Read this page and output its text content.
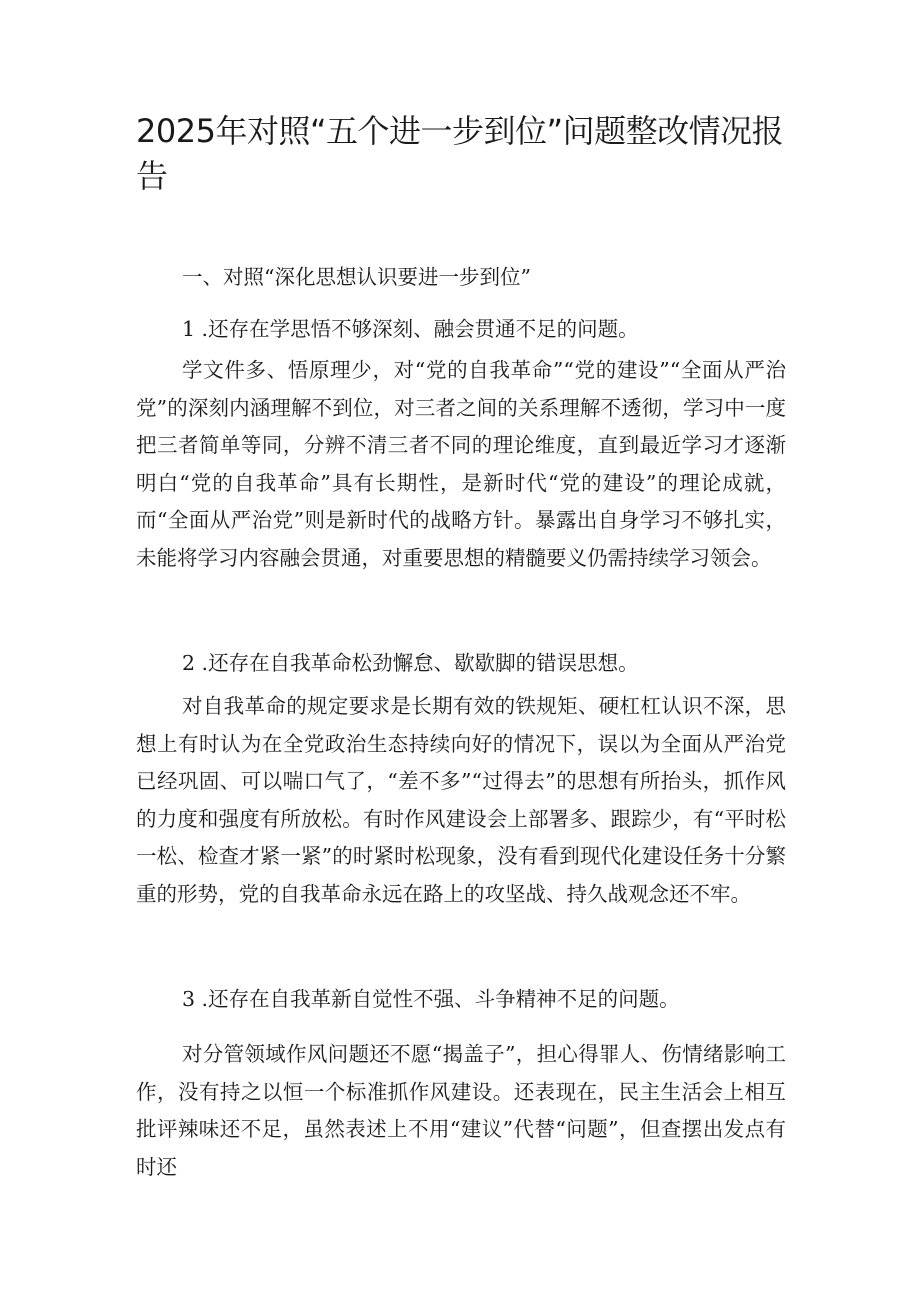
2025年对照“五个进一步到位”问题整改情况报告

一、对照“深化思想认识要进一步到位”

1 .还存在学思悟不够深刻、融会贯通不足的问题。

学文件多、悟原理少，对“党的自我革命”“党的建设”“全面从严治党”的深刻内涵理解不到位，对三者之间的关系理解不透彻，学习中一度把三者简单等同，分辨不清三者不同的理论维度，直到最近学习才逐渐明白“党的自我革命”具有长期性，是新时代“党的建设”的理论成就，而“全面从严治党”则是新时代的战略方针。暴露出自身学习不够扎实，未能将学习内容融会贯通，对重要思想的精髓要义仍需持续学习领会。

2 .还存在自我革命松劲懈怠、歇歇脚的错误思想。

对自我革命的规定要求是长期有效的铁规矩、硬杠杠认识不深，思想上有时认为在全党政治生态持续向好的情况下，误以为全面从严治党已经巩固、可以喘口气了，“差不多”“过得去”的思想有所抬头，抓作风的力度和强度有所放松。有时作风建设会上部署多、跟踪少，有“平时松一松、检查才紧一紧”的时紧时松现象，没有看到现代化建设任务十分繁重的形势，党的自我革命永远在路上的攻坚战、持久战观念还不牢。

3 .还存在自我革新自觉性不强、斗争精神不足的问题。

对分管领域作风问题还不愿“揭盖子”，担心得罪人、伤情绪影响工作，没有持之以恒一个标准抓作风建设。还表现在，民主生活会上相互批评辣味还不足，虽然表述上不用“建议”代替“问题”，但查摆出发点有时还
